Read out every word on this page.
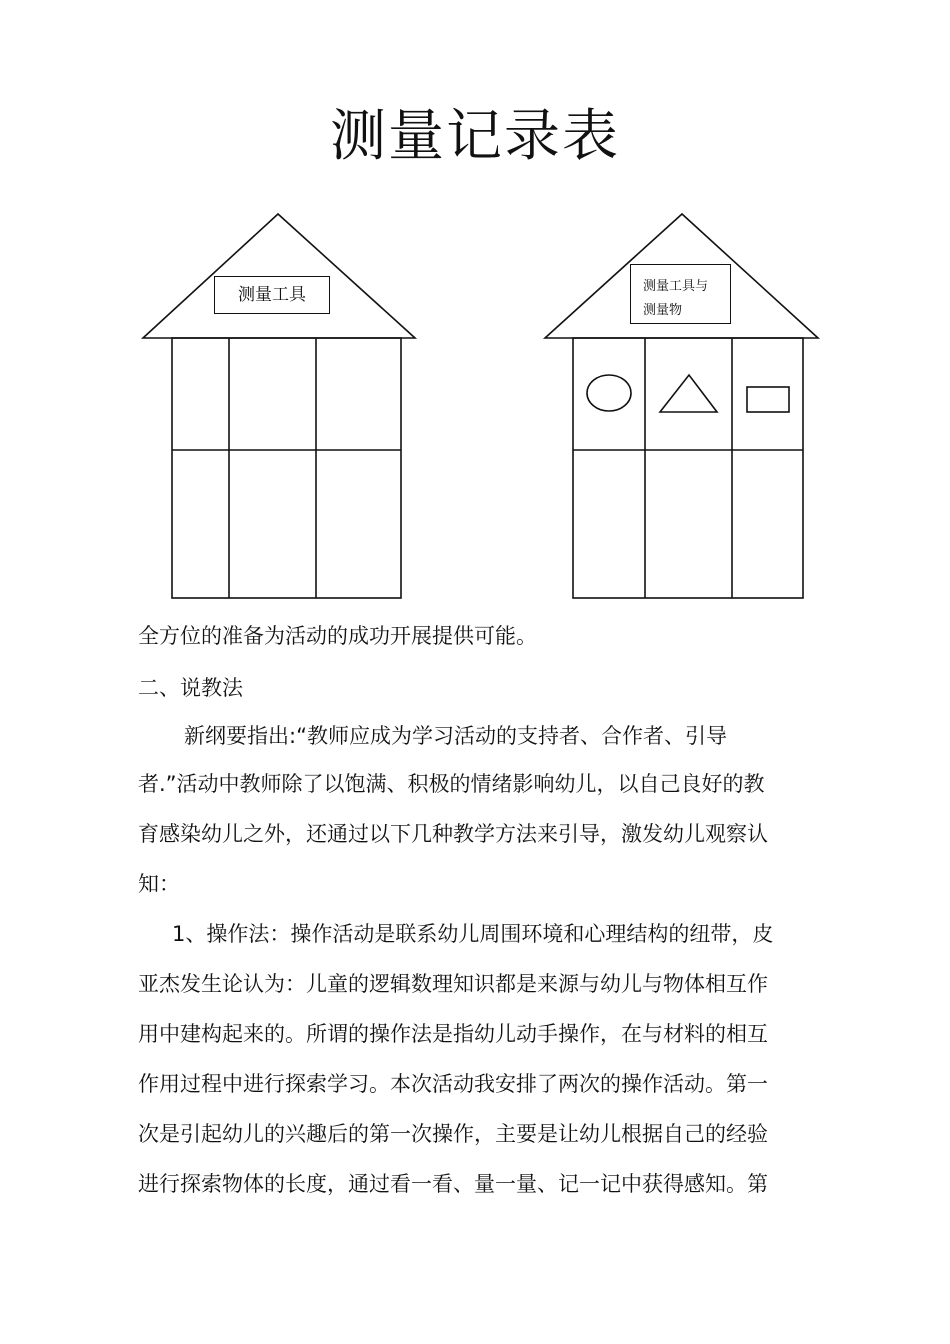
测量记录表
测量工具	测量工具与
测量物
全方位的准备为活动的成功开展提供可能。
二、说教法
新纲要指出:“教师应成为学习活动的支持者、合作者、引导
者.”活动中教师除了以饱满、积极的情绪影响幼儿，以自己良好的教
育感染幼儿之外，还通过以下几种教学方法来引导，激发幼儿观察认
知：
1、操作法：操作活动是联系幼儿周围环境和心理结构的纽带，皮
亚杰发生论认为：儿童的逻辑数理知识都是来源与幼儿与物体相互作
用中建构起来的。所谓的操作法是指幼儿动手操作，在与材料的相互
作用过程中进行探索学习。本次活动我安排了两次的操作活动。第一
次是引起幼儿的兴趣后的第一次操作，主要是让幼儿根据自己的经验
进行探索物体的长度，通过看一看、量一量、记一记中获得感知。第
